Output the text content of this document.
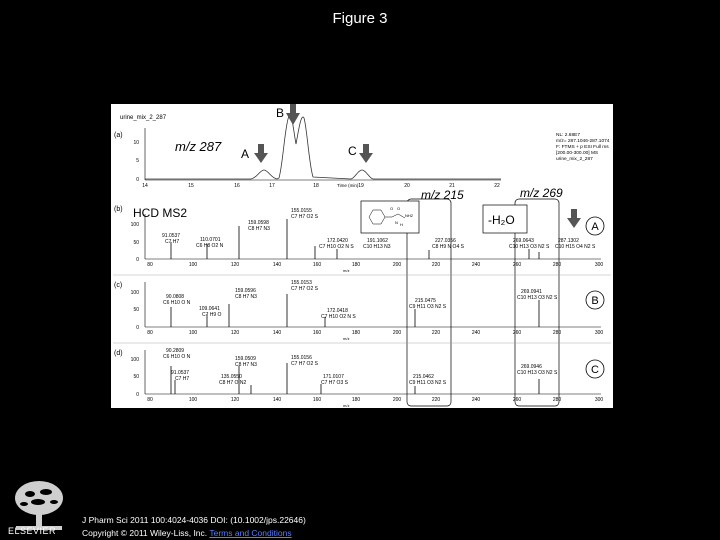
Figure 3
(a)
urine_mix_2_287
10
5
0
14	15	16	17	18	19	20	21	22
Time (min)
m/z 287 A
B
C
NL: 2.68E7
m/z= 287.1046-287.1074
F: FTMS + p ESI Full ms
[200.00-300.00] MS
urine_mix_2_287
m/z 215	m/z 269
(b) HCD MS2
100
50
0
O O
N
NH2
H	-H₂O	A
91.0537
C7 H7	110.0701
C6 H8 O2 N
159.0598
C8 H7 N3
155.0155
C7 H7 O2 S
172.0420
C7 H10 O2 N S
191.1062
C10 H13 N3
227.0356
C8 H9 N O4 S
269.0643
C10 H13 O3 N2 S
287.1302
C10 H15 O4 N2 S
80	100	120	140	160	180	200	220	240	260	280	300
m/z
(c)
100
50
0
B
90.0808
C6 H10 O N
109.0641
C7 H9 O
159.0596
C8 H7 N3
155.0153
C7 H7 O2 S
172.0418
C7 H10 O2 N S
215.0475
C9 H11 O3 N2 S
269.0941
C10 H13 O3 N2 S
80	100	120	140	160	180	200	220	240	260	280	300
m/z
(d)
100
50
0
C
90.2809
C6 H10 O N
91.0537
C7 H7	135.0550
C8 H7 O N2
159.0509
C8 H7 N3
155.0156
C7 H7 O2 S
171.0107
C7 H7 O3 S
215.0462
C9 H11 O3 N2 S
269.0946
C10 H13 O3 N2 S
80	100	120	140	160	180	200	220	240	260	280	300
m/z
ELSEVIER
J Pharm Sci 2011 100:4024-4036 DOI: (10.1002/jps.22646)
Copyright © 2011 Wiley-Liss, Inc. Terms and Conditions
